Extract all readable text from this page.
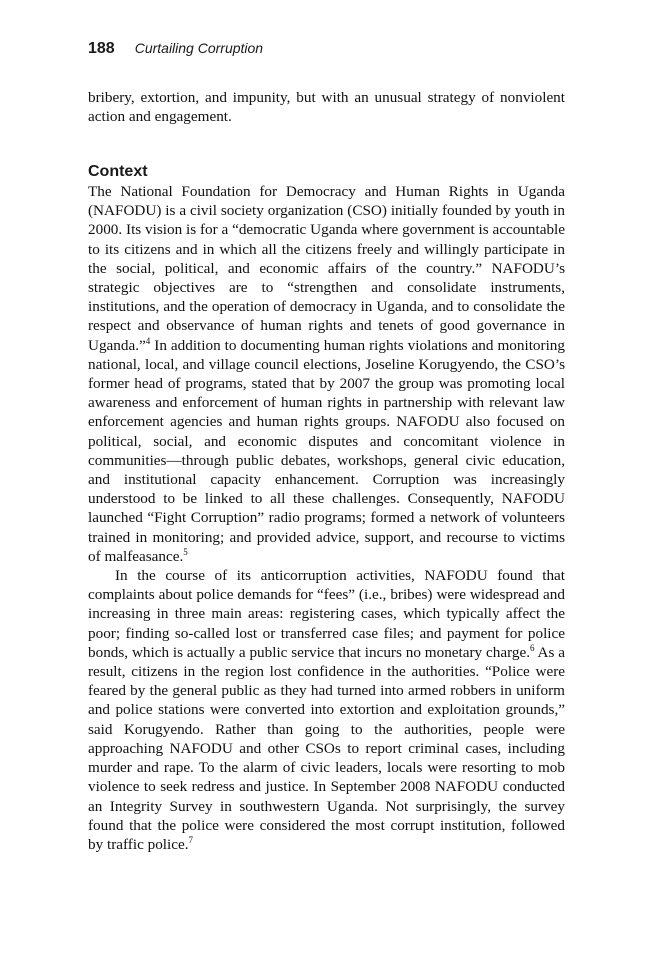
188 Curtailing Corruption

bribery, extortion, and impunity, but with an unusual strategy of nonviolent action and engagement.

Context

The National Foundation for Democracy and Human Rights in Uganda (NAFODU) is a civil society organization (CSO) initially founded by youth in 2000. Its vision is for a “democratic Uganda where government is accountable to its citizens and in which all the citizens freely and willingly participate in the social, political, and economic affairs of the country.” NAFODU’s strategic objectives are to “strengthen and consolidate instruments, institutions, and the operation of democracy in Uganda, and to consolidate the respect and observance of human rights and tenets of good governance in Uganda.”$^4$ In addition to documenting human rights violations and monitoring national, local, and village council elections, Joseline Korugyendo, the CSO’s former head of programs, stated that by 2007 the group was promoting local awareness and enforcement of human rights in partnership with relevant law enforcement agencies and human rights groups. NAFODU also focused on political, social, and economic disputes and concomitant violence in communities—through public debates, workshops, general civic education, and institutional capacity enhancement. Corruption was increasingly understood to be linked to all these challenges. Consequently, NAFODU launched “Fight Corruption” radio programs; formed a network of volunteers trained in monitoring; and provided advice, support, and recourse to victims of malfeasance.$^5$

In the course of its anticorruption activities, NAFODU found that complaints about police demands for “fees” (i.e., bribes) were widespread and increasing in three main areas: registering cases, which typically affect the poor; finding so-called lost or transferred case files; and payment for police bonds, which is actually a public service that incurs no monetary charge.$^6$ As a result, citizens in the region lost confidence in the authorities. “Police were feared by the general public as they had turned into armed robbers in uniform and police stations were converted into extortion and exploitation grounds,” said Korugyendo. Rather than going to the authorities, people were approaching NAFODU and other CSOs to report criminal cases, including murder and rape. To the alarm of civic leaders, locals were resorting to mob violence to seek redress and justice. In September 2008 NAFODU conducted an Integrity Survey in southwestern Uganda. Not surprisingly, the survey found that the police were considered the most corrupt institution, followed by traffic police.$^7$
